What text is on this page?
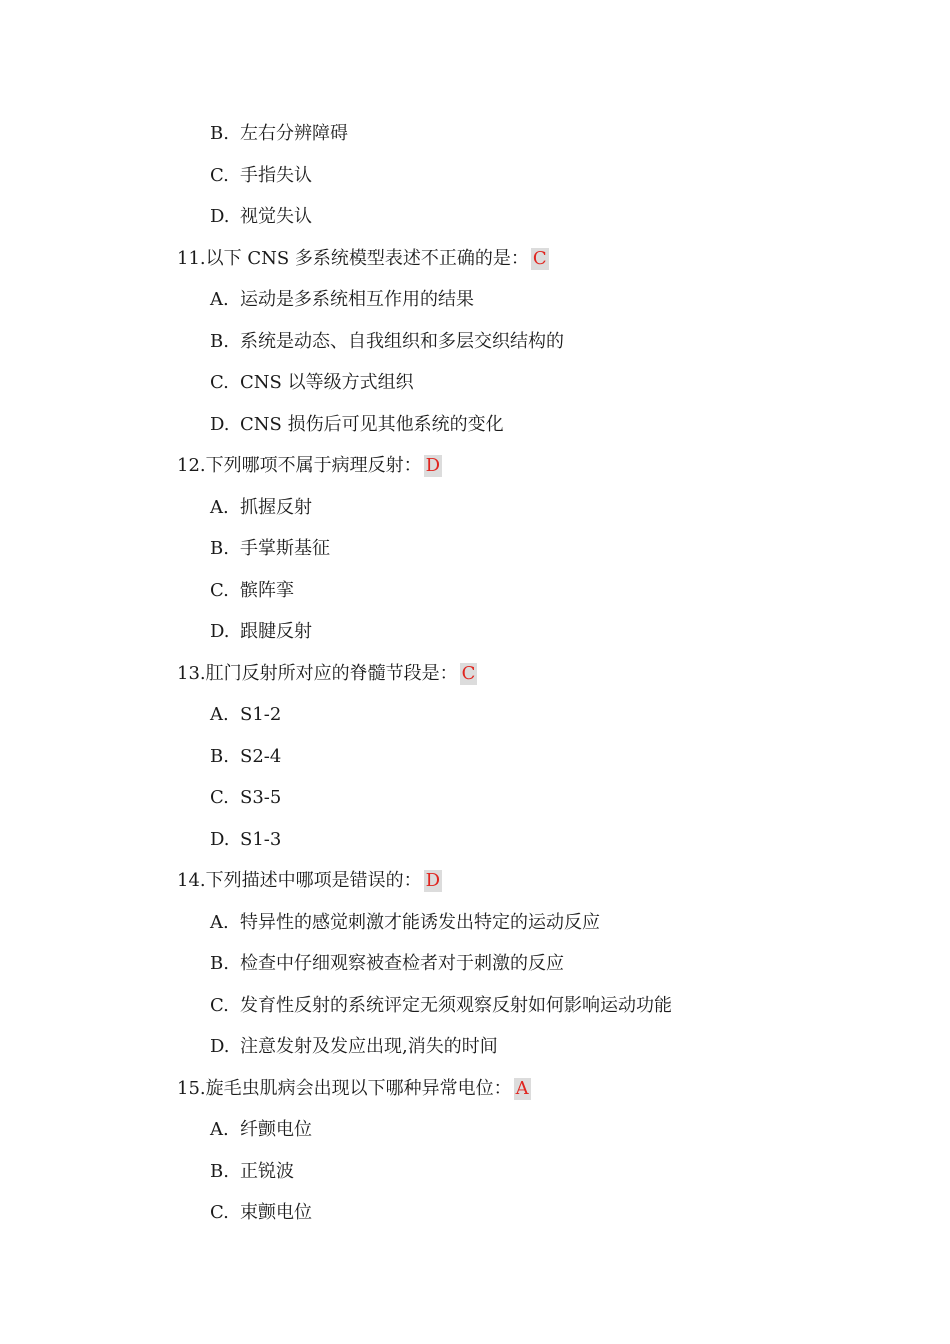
B. 左右分辨障碍
C. 手指失认
D. 视觉失认
11.以下 CNS 多系统模型表述不正确的是： C
A. 运动是多系统相互作用的结果
B. 系统是动态、自我组织和多层交织结构的
C. CNS 以等级方式组织
D. CNS 损伤后可见其他系统的变化
12.下列哪项不属于病理反射： D
A. 抓握反射
B. 手掌斯基征
C. 髌阵挛
D. 跟腱反射
13.肛门反射所对应的脊髓节段是： C
A. S1-2
B. S2-4
C. S3-5
D. S1-3
14.下列描述中哪项是错误的： D
A. 特异性的感觉刺激才能诱发出特定的运动反应
B. 检查中仔细观察被查检者对于刺激的反应
C. 发育性反射的系统评定无须观察反射如何影响运动功能
D. 注意发射及发应出现,消失的时间
15.旋毛虫肌病会出现以下哪种异常电位： A
A. 纤颤电位
B. 正锐波
C. 束颤电位
